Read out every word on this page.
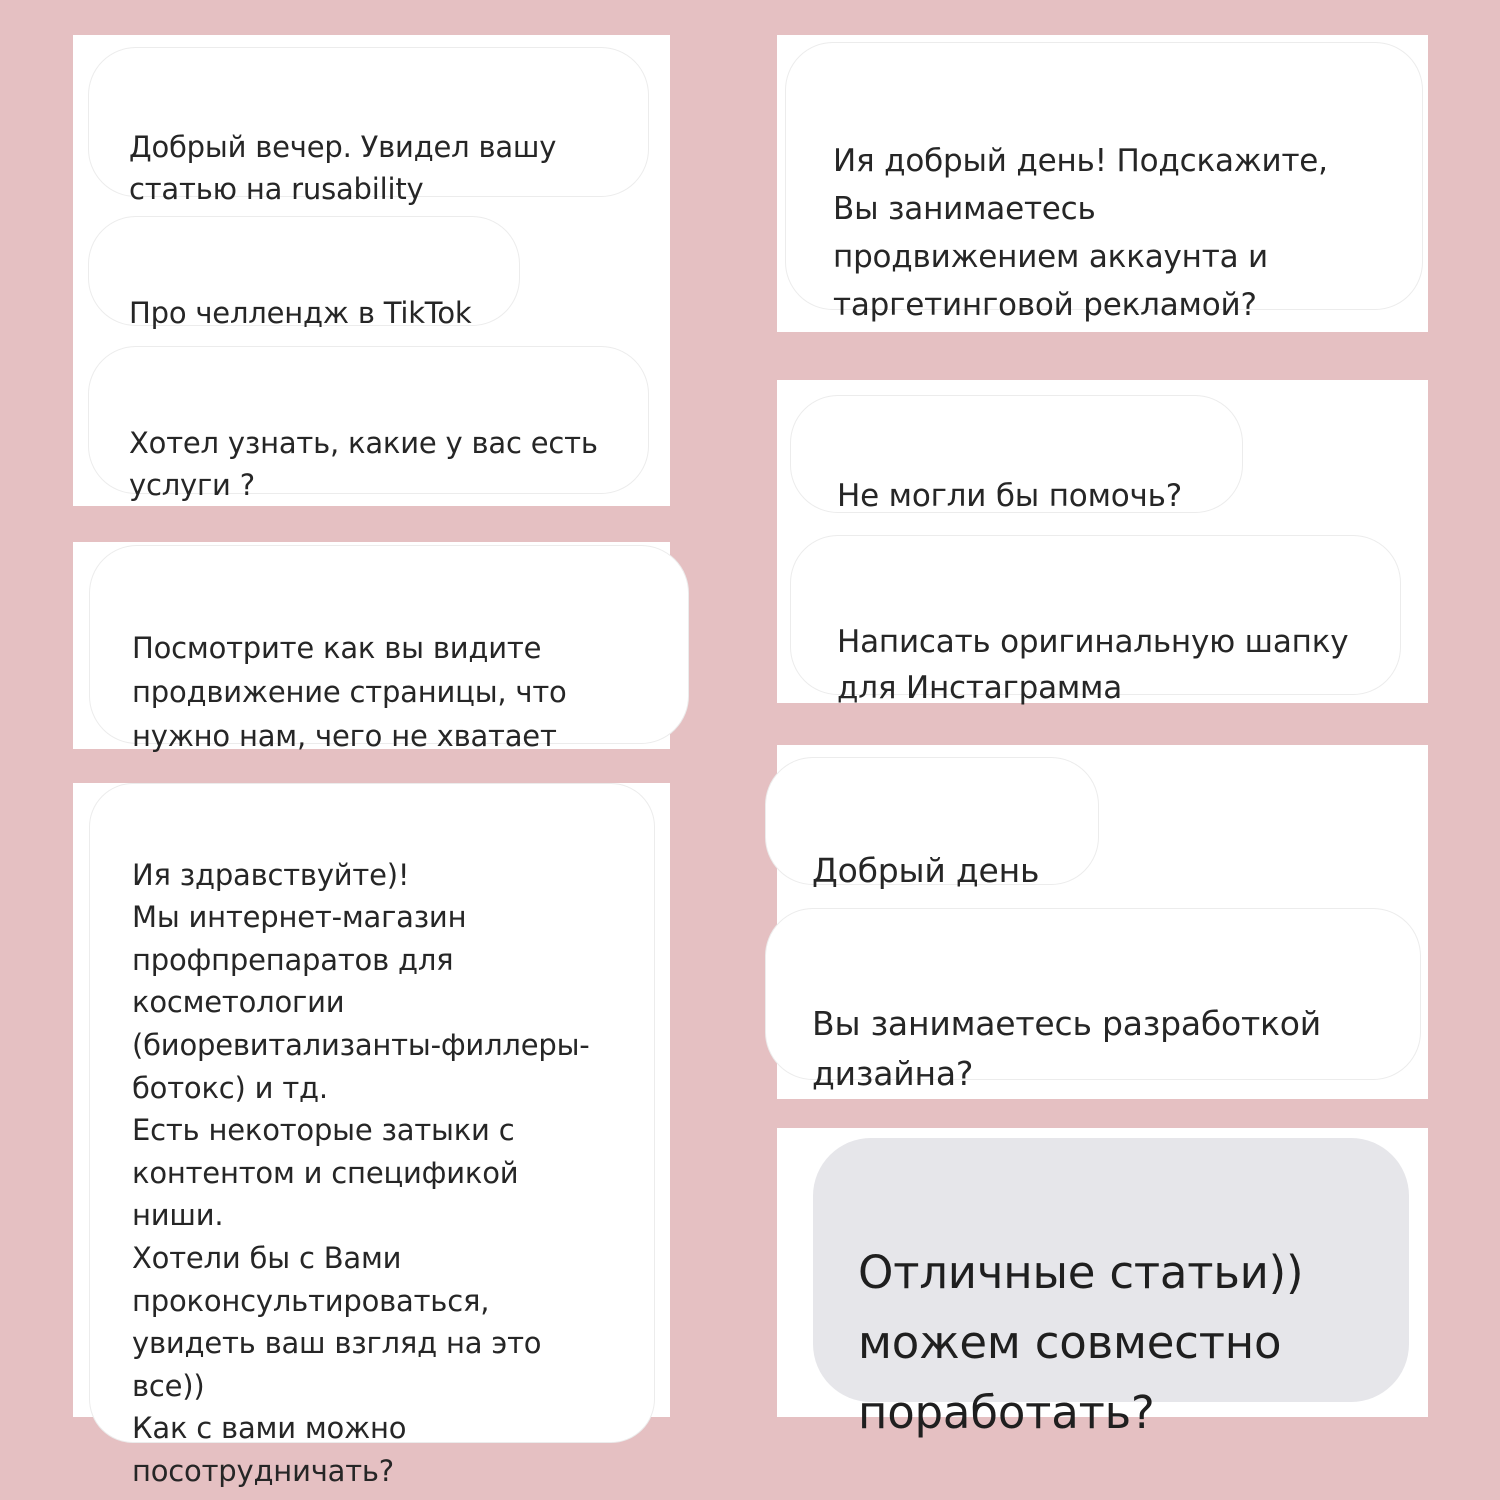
Добрый вечер. Увидел вашу
статью на rusability

Про челлендж в TikTok

Хотел узнать, какие у вас есть
услуги ?

Посмотрите как вы видите
продвижение страницы, что
нужно нам, чего не хватает

Ия здравствуйте)!
Мы интернет-магазин
профпрепаратов для
косметологии
(биоревитализанты-филлеры-
ботокс) и тд.
Есть некоторые затыки с
контентом и спецификой
ниши.
Хотели бы с Вами
проконсультироваться,
увидеть ваш взгляд на это все))
Как с вами можно
посотрудничать?

Ия добрый день! Подскажите,
Вы занимаетесь
продвижением аккаунта и
таргетинговой рекламой?

Не могли бы помочь?

Написать оригинальную шапку
для Инстаграмма

Добрый день

Вы занимаетесь разработкой
дизайна?

Отличные статьи))
можем совместно
поработать?
